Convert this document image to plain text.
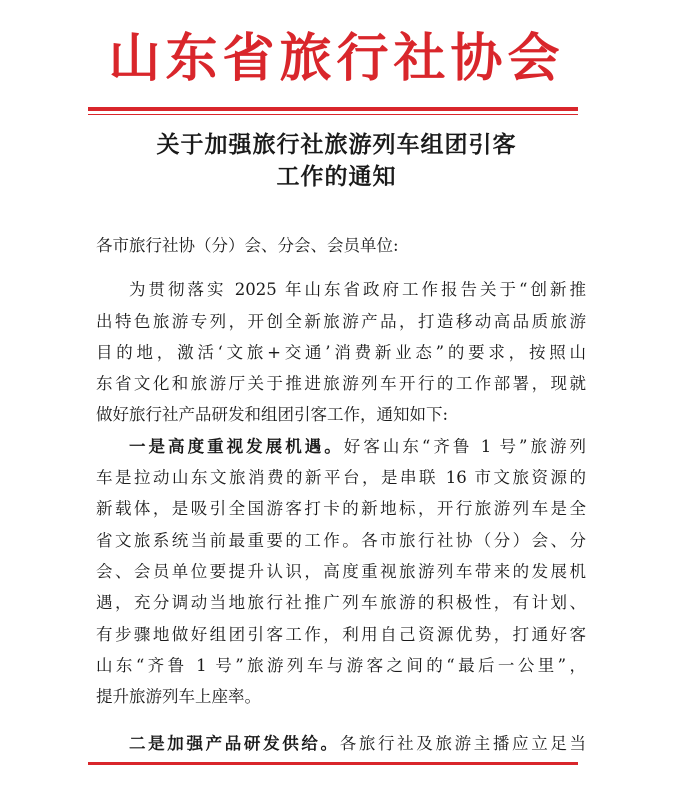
山东省旅行社协会
关于加强旅行社旅游列车组团引客
工作的通知
各市旅行社协（分）会、分会、会员单位:
为贯彻落实 2025 年山东省政府工作报告关于“创新推
出特色旅游专列，开创全新旅游产品，打造移动高品质旅游
目的地，激活‘文旅+交通’消费新业态”的要求，按照山
东省文化和旅游厅关于推进旅游列车开行的工作部署，现就
做好旅行社产品研发和组团引客工作，通知如下:
一是高度重视发展机遇。好客山东“齐鲁 1 号”旅游列
车是拉动山东文旅消费的新平台，是串联 16 市文旅资源的
新载体，是吸引全国游客打卡的新地标，开行旅游列车是全
省文旅系统当前最重要的工作。各市旅行社协（分）会、分
会、会员单位要提升认识，高度重视旅游列车带来的发展机
遇，充分调动当地旅行社推广列车旅游的积极性，有计划、
有步骤地做好组团引客工作，利用自己资源优势，打通好客
山东“齐鲁 1 号”旅游列车与游客之间的“最后一公里”，
提升旅游列车上座率。
二是加强产品研发供给。各旅行社及旅游主播应立足当
